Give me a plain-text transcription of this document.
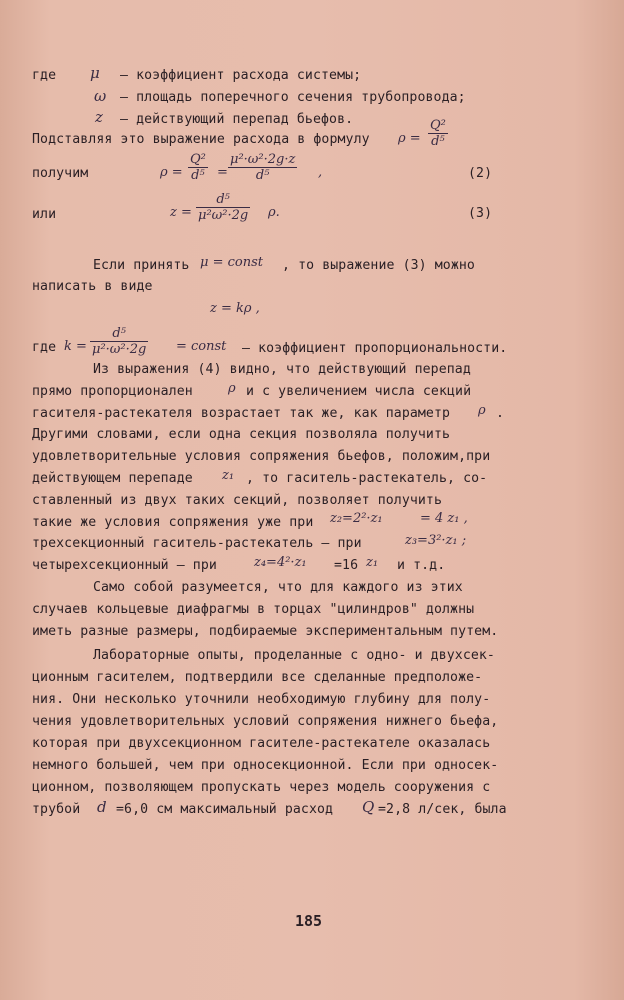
где μ – коэффициент расхода системы;
ω – площадь поперечного сечения трубопровода;
z – действующий перепад бьефов.
Подставляя это выражение расхода в формулу $\rho = \frac{\text{Q²}}{\text{d⁵}}$
получим	$\rho = \frac{\text{Q²}}{\text{d⁵}} = \frac{\text{μ²·ω²·2g·z}}{\text{d⁵}}$ ,	(2)
или	$z = \frac{\text{d⁵}}{\text{μ²ω²·2g}} \rho$.	(3)
Если принять μ = const , то выражение (3) можно
написать в виде
z = kρ ,
где $k = \frac{\text{d⁵}}{\text{μ²·ω²·2g}}$ = const – коэффициент пропорциональности.
Из выражения (4) видно, что действующий перепад
прямо пропорционален	ρ и с увеличением числа секций
гасителя-растекателя возрастает так же, как параметр ρ .
Другими словами, если одна секция позволяла получить
удовлетворительные условия сопряжения бьефов, положим,при
действующем перепаде z₁ , то гаситель-растекатель, со-
ставленный из двух таких секций, позволяет получить
такие же условия сопряжения уже при z₂=2²·z₁	= 4 z₁ ,
трехсекционный гаситель-растекатель – при	z₃=3²·z₁ ;
четырехсекционный – при	z₄=4²·z₁ =16 z₁ и т.д.
Само собой разумеется, что для каждого из этих
случаев кольцевые диафрагмы в торцах "цилиндров" должны
иметь разные размеры, подбираемые экспериментальным путем.
Лабораторные опыты, проделанные с одно- и двухсек-
ционным гасителем, подтвердили все сделанные предположе-
ния. Они несколько уточнили необходимую глубину для полу-
чения удовлетворительных условий сопряжения нижнего бьефа,
которая при двухсекционном гасителе-растекателе оказалась
немного большей, чем при односекционной. Если при односек-
ционном, позволяющем пропускать через модель сооружения с
трубой d =6,0 см максимальный расход Q =2,8 л/сек, была
185
